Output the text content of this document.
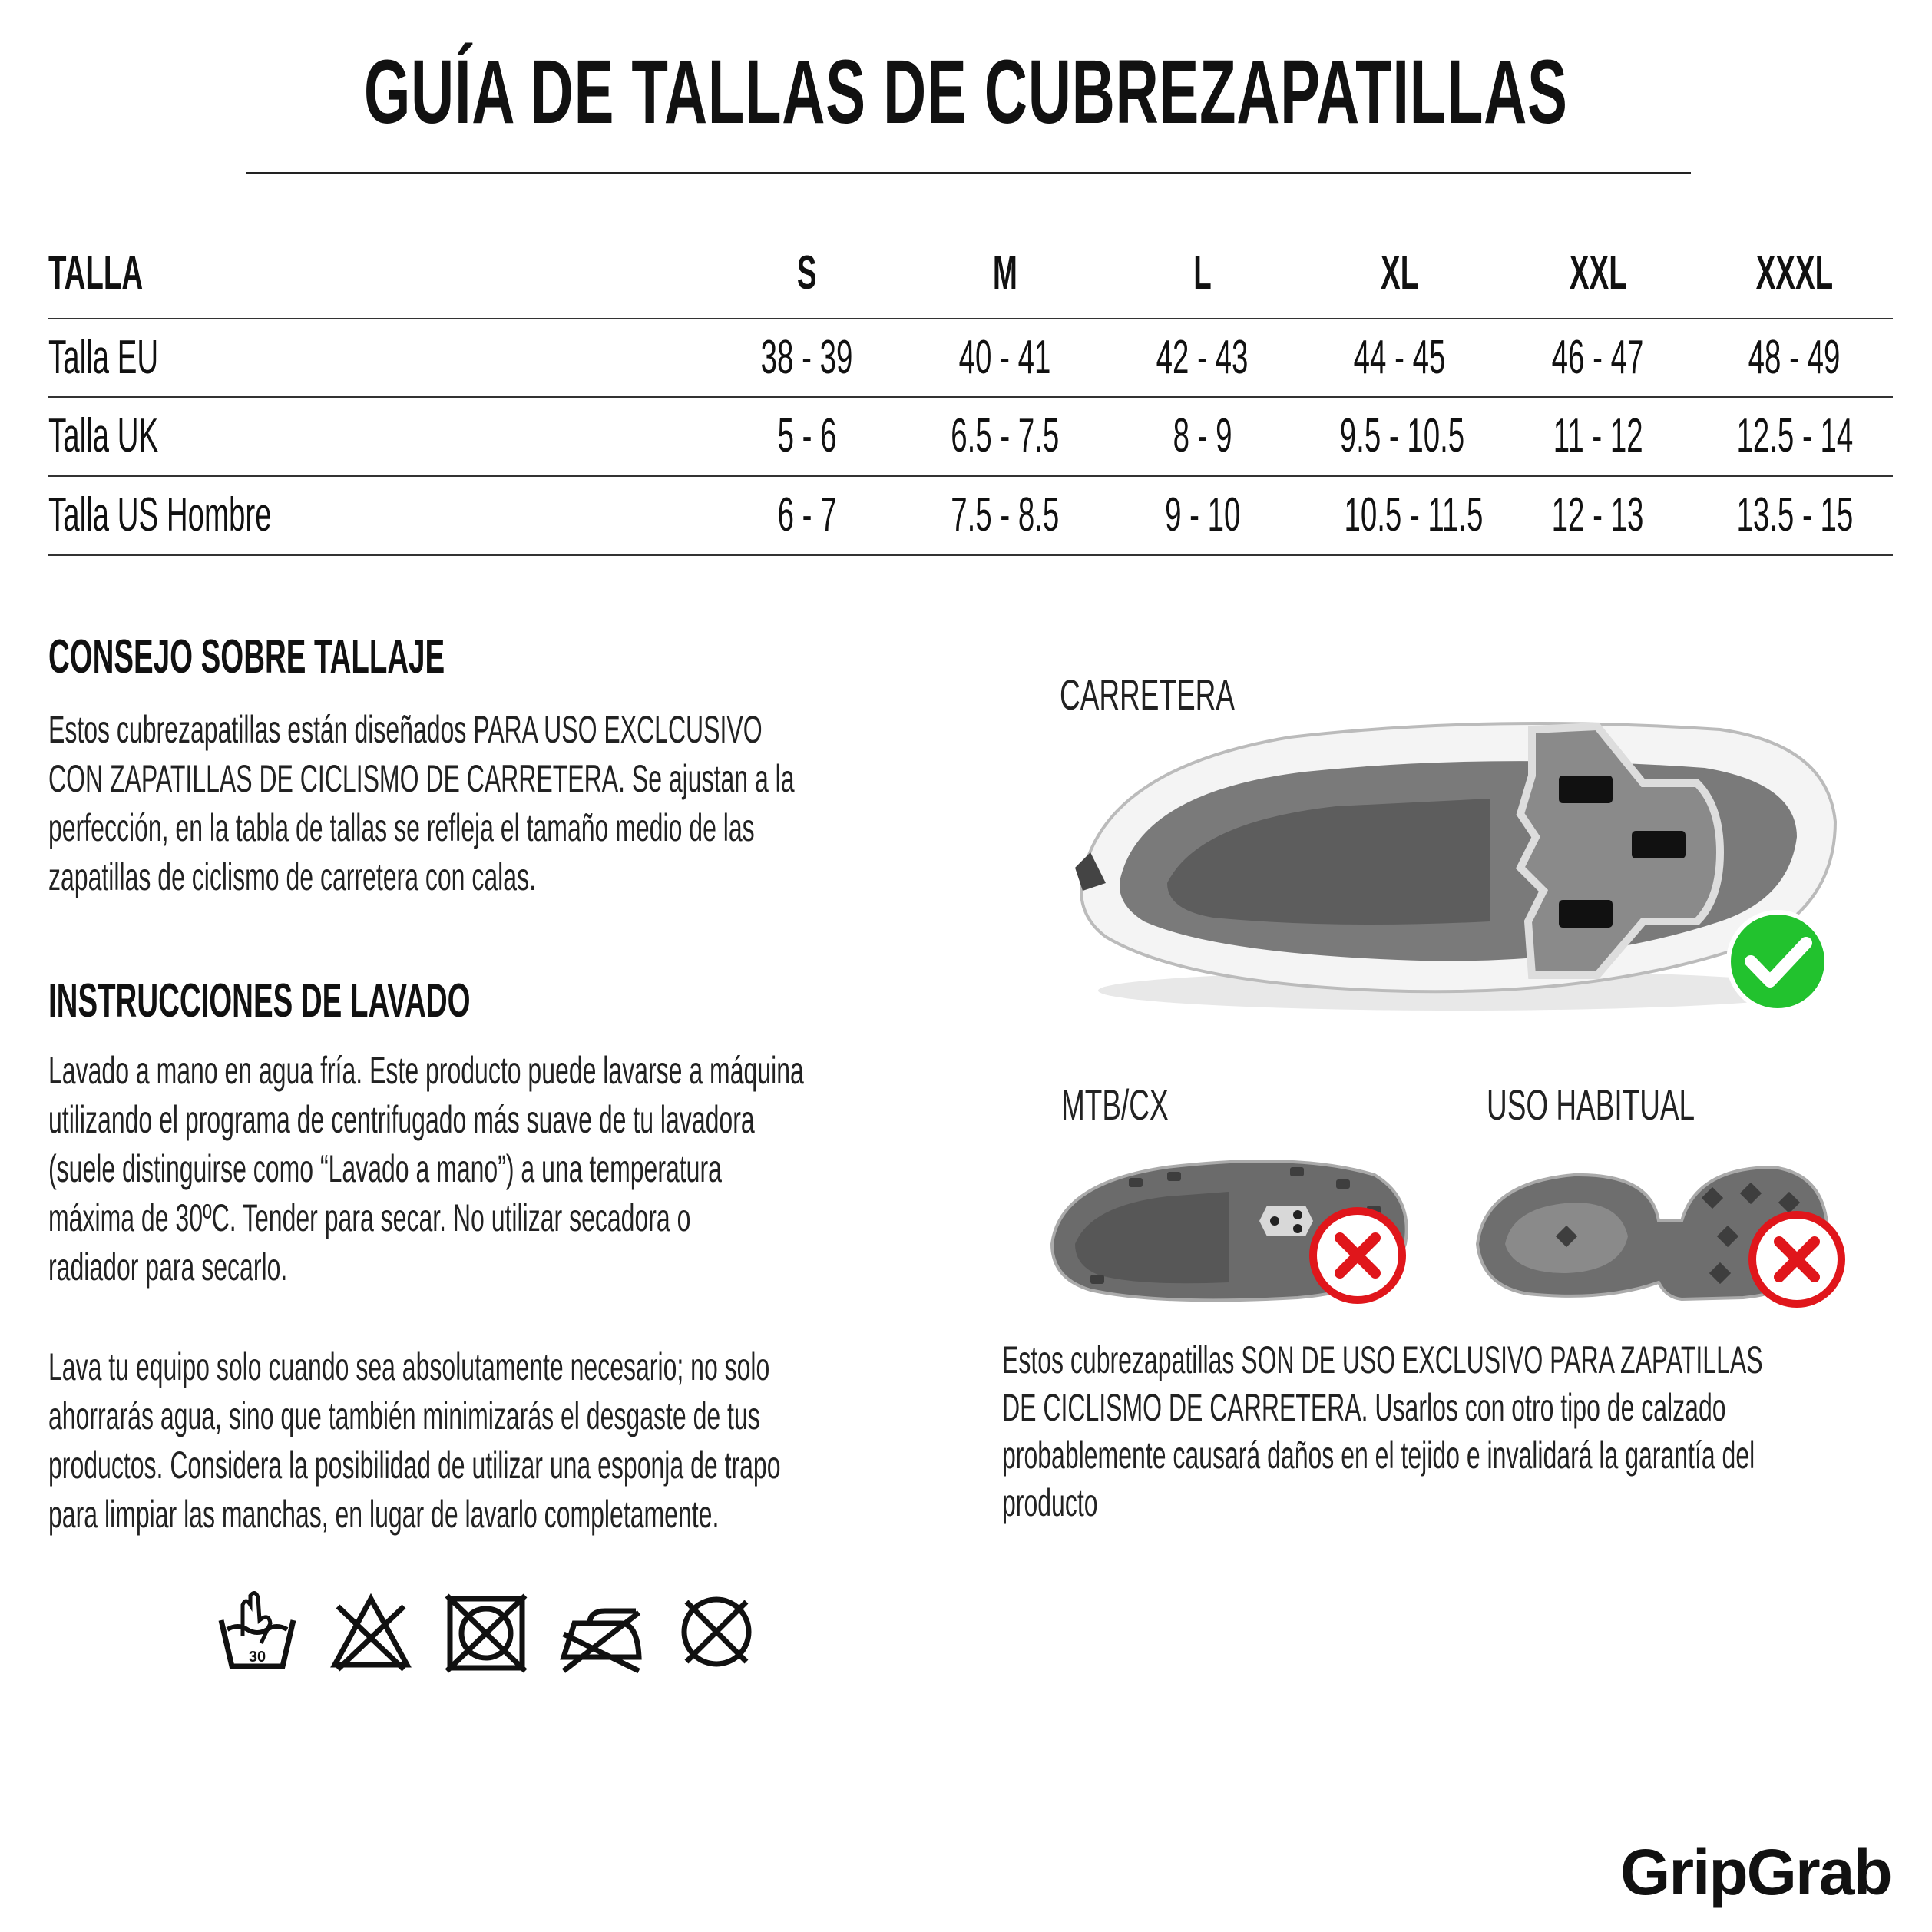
GUÍA DE TALLAS DE CUBREZAPATILLAS
TALLA	S	M	L	XL	XXL	XXXL
Talla EU	38 - 39	40 - 41	42 - 43	44 - 45	46 - 47	48 - 49
Talla UK	5 - 6	6.5 - 7.5	8 - 9	9.5 - 10.5	11 - 12	12.5 - 14
Talla US Hombre	6 - 7	7.5 - 8.5	9 - 10	10.5 - 11.5	12 - 13	13.5 - 15
CONSEJO SOBRE TALLAJE
Estos cubrezapatillas están diseñados PARA USO EXCLCUSIVO
CON ZAPATILLAS DE CICLISMO DE CARRETERA. Se ajustan a la
perfección, en la tabla de tallas se refleja el tamaño medio de las
zapatillas de ciclismo de carretera con calas.
INSTRUCCIONES DE LAVADO
Lavado a mano en agua fría. Este producto puede lavarse a máquina
utilizando el programa de centrifugado más suave de tu lavadora
(suele distinguirse como “Lavado a mano”) a una temperatura
máxima de 30ºC. Tender para secar. No utilizar secadora o
radiador para secarlo.
Lava tu equipo solo cuando sea absolutamente necesario; no solo
ahorrarás agua, sino que también minimizarás el desgaste de tus
productos. Considera la posibilidad de utilizar una esponja de trapo
para limpiar las manchas, en lugar de lavarlo completamente.
30
CARRETERA
MTB/CX	USO HABITUAL
Estos cubrezapatillas SON DE USO EXCLUSIVO PARA ZAPATILLAS
DE CICLISMO DE CARRETERA. Usarlos con otro tipo de calzado
probablemente causará daños en el tejido e invalidará la garantía del
producto
GripGrab
